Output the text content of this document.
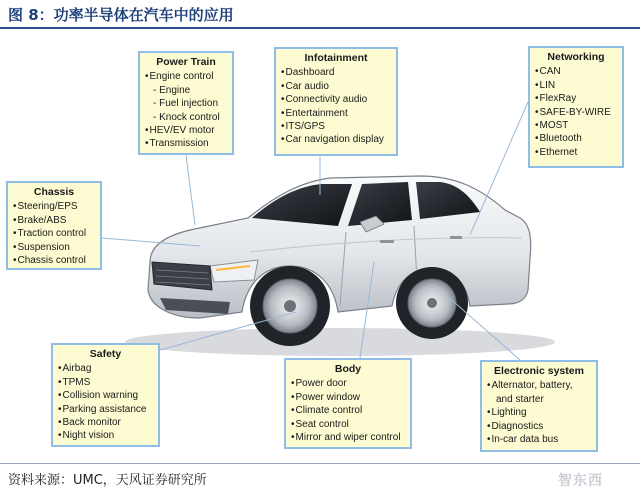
图 8：功率半导体在汽车中的应用
Power Train
• Engine control
- Engine
- Fuel injection
- Knock control
• HEV/EV motor
• Transmission
Infotainment
• Dashboard
• Car audio
• Connectivity audio
• Entertainment
• ITS/GPS
• Car navigation display
Networking
• CAN
• LIN
• FlexRay
• SAFE-BY-WIRE
• MOST
• Bluetooth
• Ethernet
Chassis
• Steering/EPS
• Brake/ABS
• Traction control
• Suspension
• Chassis control
Safety
• Airbag
• TPMS
• Collision warning
• Parking assistance
• Back monitor
• Night vision
Body
• Power door
• Power window
• Climate control
• Seat control
• Mirror and wiper control
Electronic system
• Alternator, battery,
and starter
• Lighting
• Diagnostics
• In-car data bus
资料来源：UMC，天风证券研究所	智东西
